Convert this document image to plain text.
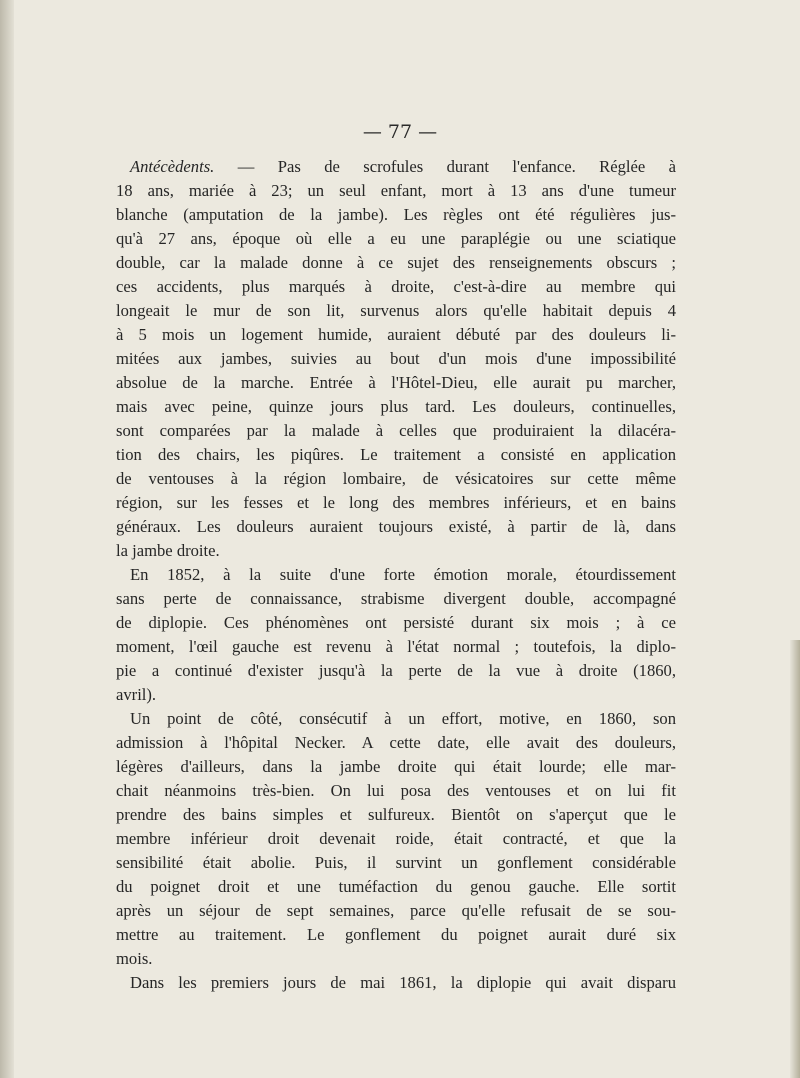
— 77 —

Antécèdents. — Pas de scrofules durant l'enfance. Réglée à
18 ans, mariée à 23; un seul enfant, mort à 13 ans d'une tumeur
blanche (amputation de la jambe). Les règles ont été régulières jus-
qu'à 27 ans, époque où elle a eu une paraplégie ou une sciatique
double, car la malade donne à ce sujet des renseignements obscurs ;
ces accidents, plus marqués à droite, c'est-à-dire au membre qui
longeait le mur de son lit, survenus alors qu'elle habitait depuis 4
à 5 mois un logement humide, auraient débuté par des douleurs li-
mitées aux jambes, suivies au bout d'un mois d'une impossibilité
absolue de la marche. Entrée à l'Hôtel-Dieu, elle aurait pu marcher,
mais avec peine, quinze jours plus tard. Les douleurs, continuelles,
sont comparées par la malade à celles que produiraient la dilacéra-
tion des chairs, les piqûres. Le traitement a consisté en application
de ventouses à la région lombaire, de vésicatoires sur cette même
région, sur les fesses et le long des membres inférieurs, et en bains
généraux. Les douleurs auraient toujours existé, à partir de là, dans
la jambe droite.

En 1852, à la suite d'une forte émotion morale, étourdissement
sans perte de connaissance, strabisme divergent double, accompagné
de diplopie. Ces phénomènes ont persisté durant six mois ; à ce
moment, l'œil gauche est revenu à l'état normal ; toutefois, la diplo-
pie a continué d'exister jusqu'à la perte de la vue à droite (1860,
avril).

Un point de côté, consécutif à un effort, motive, en 1860, son
admission à l'hôpital Necker. A cette date, elle avait des douleurs,
légères d'ailleurs, dans la jambe droite qui était lourde; elle mar-
chait néanmoins très-bien. On lui posa des ventouses et on lui fit
prendre des bains simples et sulfureux. Bientôt on s'aperçut que le
membre inférieur droit devenait roide, était contracté, et que la
sensibilité était abolie. Puis, il survint un gonflement considérable
du poignet droit et une tuméfaction du genou gauche. Elle sortit
après un séjour de sept semaines, parce qu'elle refusait de se sou-
mettre au traitement. Le gonflement du poignet aurait duré six
mois.

Dans les premiers jours de mai 1861, la diplopie qui avait disparu
